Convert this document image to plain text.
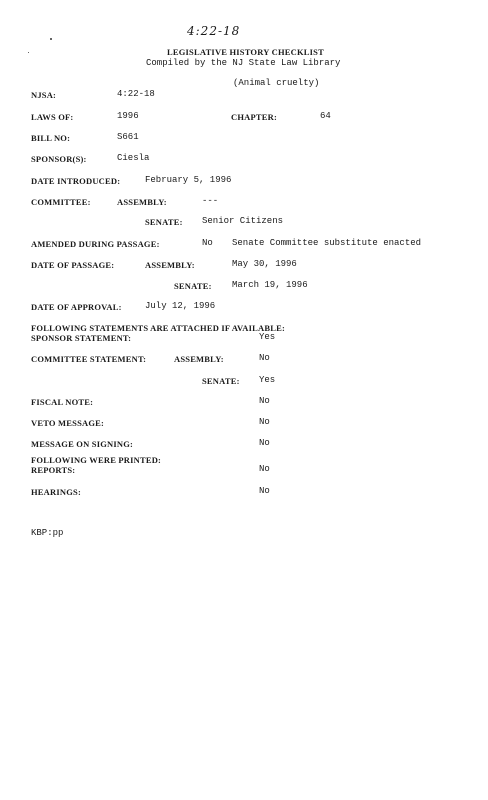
4:22-18
LEGISLATIVE HISTORY CHECKLIST
Compiled by the NJ State Law Library
(Animal cruelty)
NJSA:	4:22-18
LAWS OF:	1996	CHAPTER:	64
BILL NO:	S661
SPONSOR(S):	Ciesla
DATE INTRODUCED:	February 5, 1996
COMMITTEE:	ASSEMBLY:	---
SENATE: Senior Citizens
AMENDED DURING PASSAGE:	No Senate Committee substitute enacted
DATE OF PASSAGE:	ASSEMBLY:	May 30, 1996
SENATE: March 19, 1996
DATE OF APPROVAL:	July 12, 1996
FOLLOWING STATEMENTS ARE ATTACHED IF AVAILABLE:
SPONSOR STATEMENT:	Yes
COMMITTEE STATEMENT:	ASSEMBLY:	No
SENATE: Yes
FISCAL NOTE:	No
VETO MESSAGE:	No
MESSAGE ON SIGNING:	No
FOLLOWING WERE PRINTED:
REPORTS:	No
HEARINGS:	No
KBP:pp
